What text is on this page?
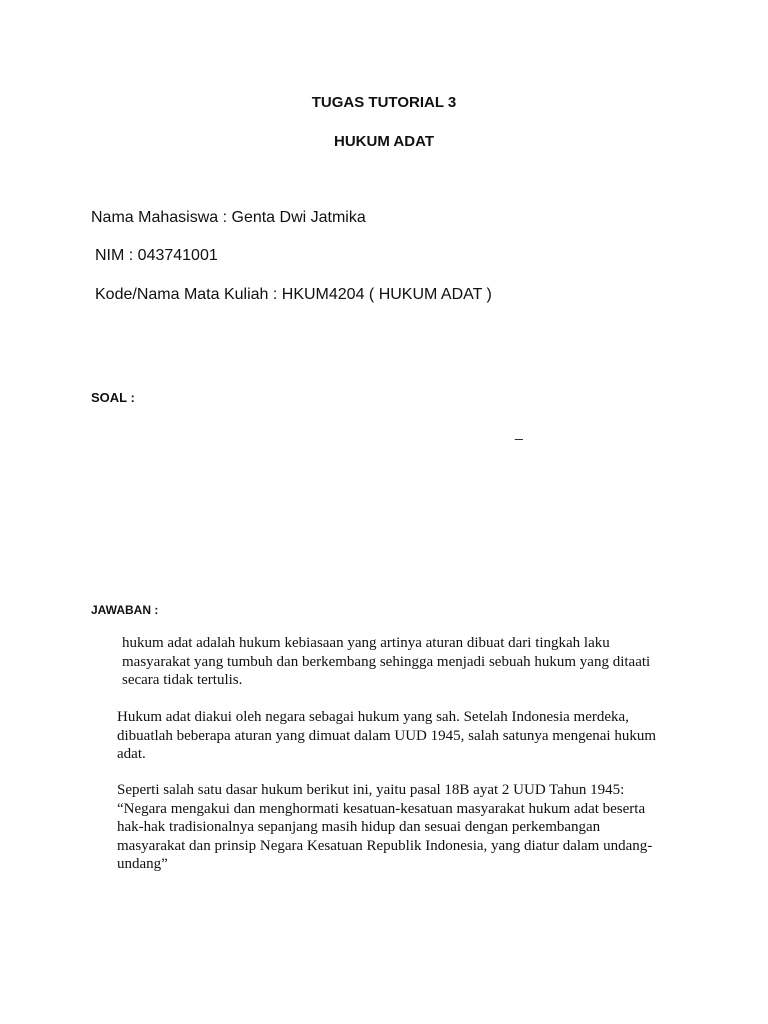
TUGAS TUTORIAL 3
HUKUM ADAT
Nama Mahasiswa : Genta Dwi Jatmika
NIM : 043741001
Kode/Nama Mata Kuliah : HKUM4204 ( HUKUM ADAT )
SOAL :
_
JAWABAN :

hukum adat adalah hukum kebiasaan yang artinya aturan dibuat dari tingkah laku masyarakat yang tumbuh dan berkembang sehingga menjadi sebuah hukum yang ditaati secara tidak tertulis.

Hukum adat diakui oleh negara sebagai hukum yang sah. Setelah Indonesia merdeka, dibuatlah beberapa aturan yang dimuat dalam UUD 1945, salah satunya mengenai hukum adat.

Seperti salah satu dasar hukum berikut ini, yaitu pasal 18B ayat 2 UUD Tahun 1945: “Negara mengakui dan menghormati kesatuan-kesatuan masyarakat hukum adat beserta hak-hak tradisionalnya sepanjang masih hidup dan sesuai dengan perkembangan masyarakat dan prinsip Negara Kesatuan Republik Indonesia, yang diatur dalam undang-undang”
